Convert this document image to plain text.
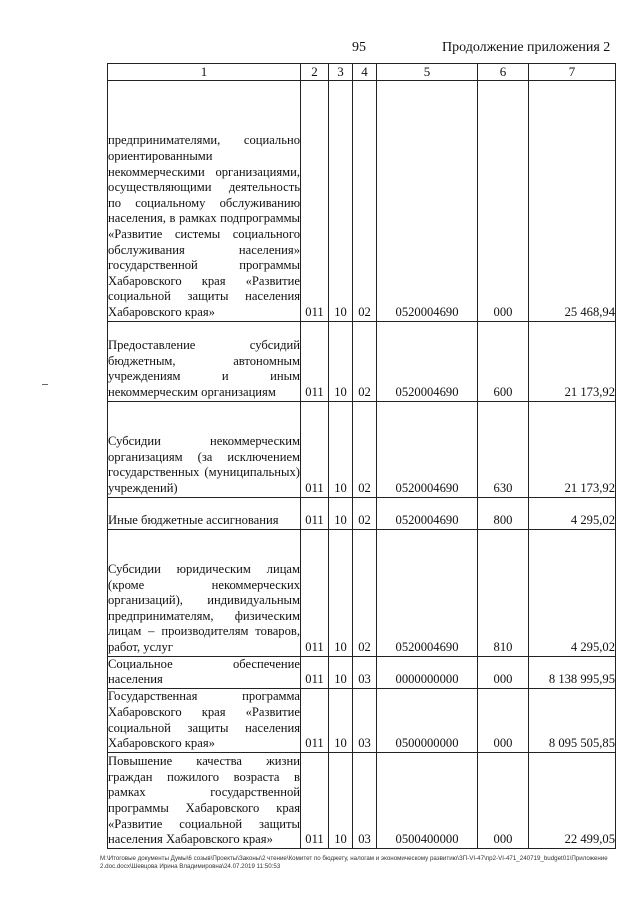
95	Продолжение приложения 2
1	2	3	4	5	6	7
предпринимателями, социально ориентированными некоммерческими организациями, осуществляющими деятельность по социальному обслуживанию населения, в рамках подпрограммы «Развитие системы социального обслуживания населения» государственной программы Хабаровского края «Развитие социальной защиты населения Хабаровского края»	011	10	02	0520004690	000	25 468,94
Предоставление субсидий бюджетным, автономным учреждениям и иным некоммерческим организациям	011	10	02	0520004690	600	21 173,92
Субсидии некоммерческим организациям (за исключением государственных (муниципальных) учреждений)	011	10	02	0520004690	630	21 173,92
Иные бюджетные ассигнования	011	10	02	0520004690	800	4 295,02
Субсидии юридическим лицам (кроме некоммерческих организаций), индивидуальным предпринимателям, физическим лицам – производителям товаров, работ, услуг	011	10	02	0520004690	810	4 295,02
Социальное обеспечение населения	011	10	03	0000000000	000	8 138 995,95
Государственная программа Хабаровского края «Развитие социальной защиты населения Хабаровского края»	011	10	03	0500000000	000	8 095 505,85
Повышение качества жизни граждан пожилого возраста в рамках государственной программы Хабаровского края «Развитие социальной защиты населения Хабаровского края»	011	10	03	0500400000	000	22 499,05
М:\Итоговые документы Думы\6 созыв\Проекты\Законы\2 чтение\Комитет по бюджету, налогам и экономическому развитию\ЗП-VI-47\пр2-VI-471_240719_budget01\Приложение 2.doc.docx\Шевцова Ирина Владимировна\24.07.2019 11:50:53
